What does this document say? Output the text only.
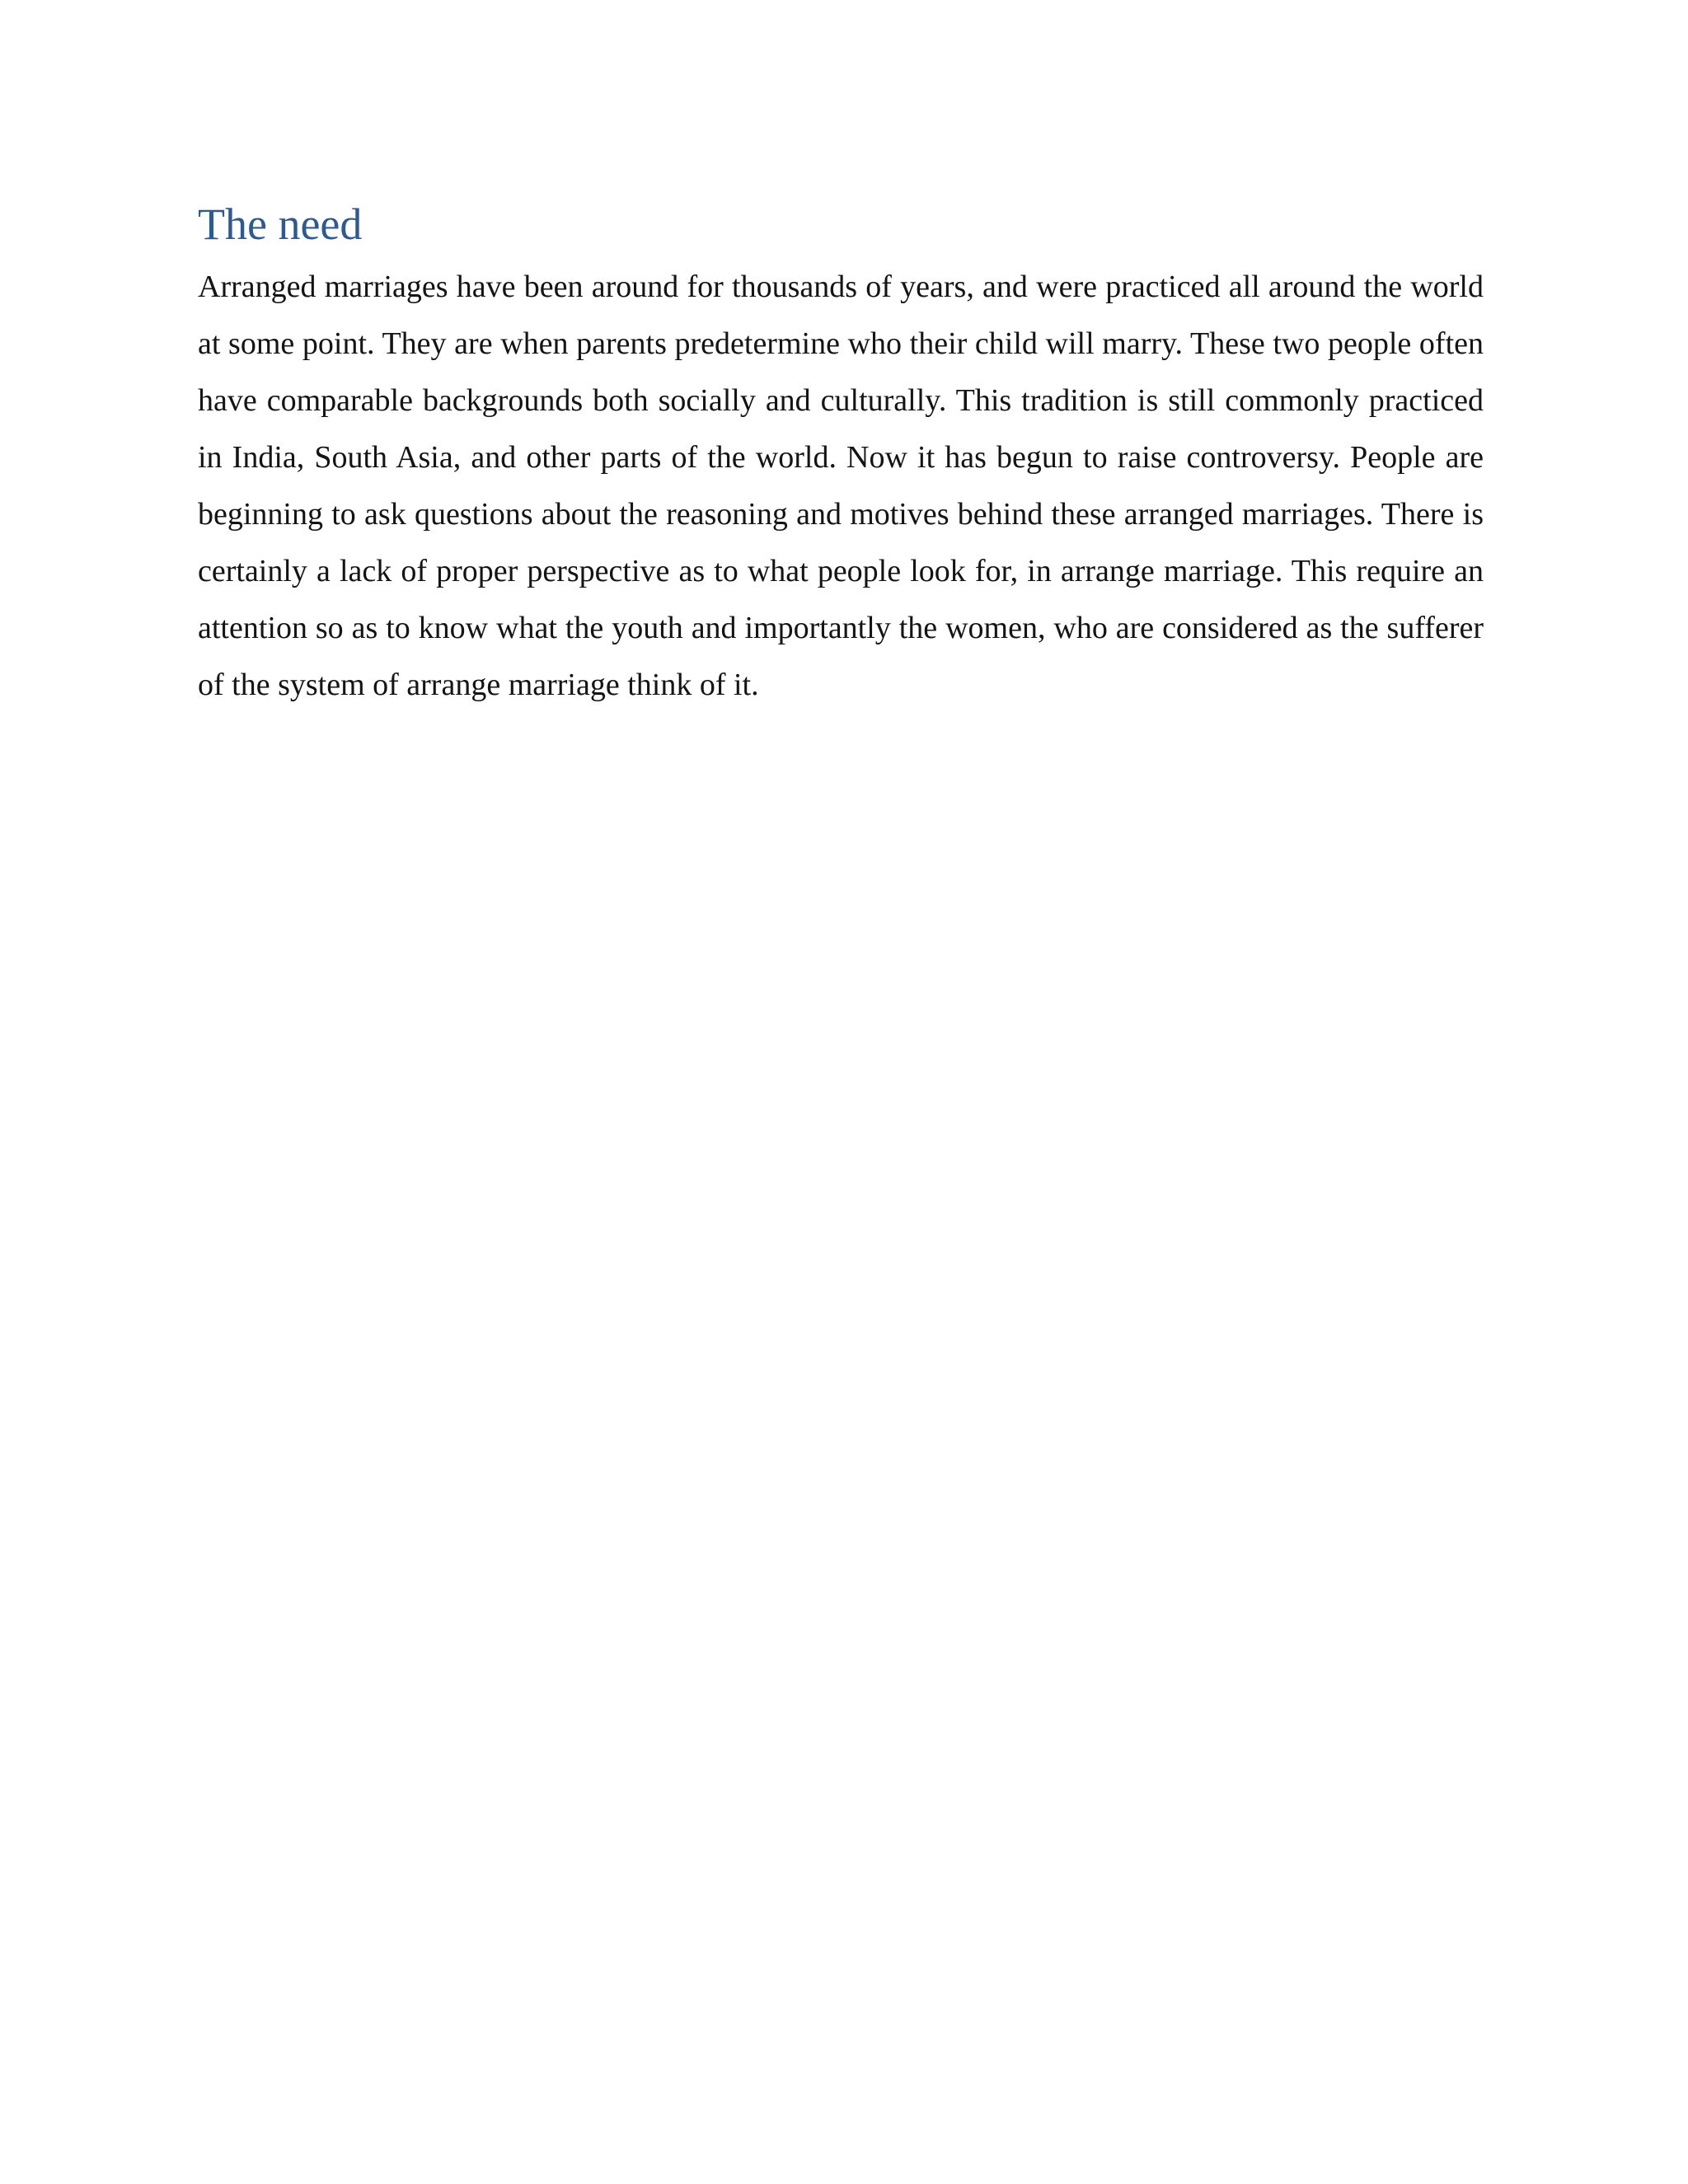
The need

Arranged marriages have been around for thousands of years, and were practiced all around the world at some point. They are when parents predetermine who their child will marry. These two people often have comparable backgrounds both socially and culturally. This tradition is still commonly practiced in India, South Asia, and other parts of the world. Now it has begun to raise controversy. People are beginning to ask questions about the reasoning and motives behind these arranged marriages. There is certainly a lack of proper perspective as to what people look for, in arrange marriage. This require an attention so as to know what the youth and importantly the women, who are considered as the sufferer of the system of arrange marriage think of it.
